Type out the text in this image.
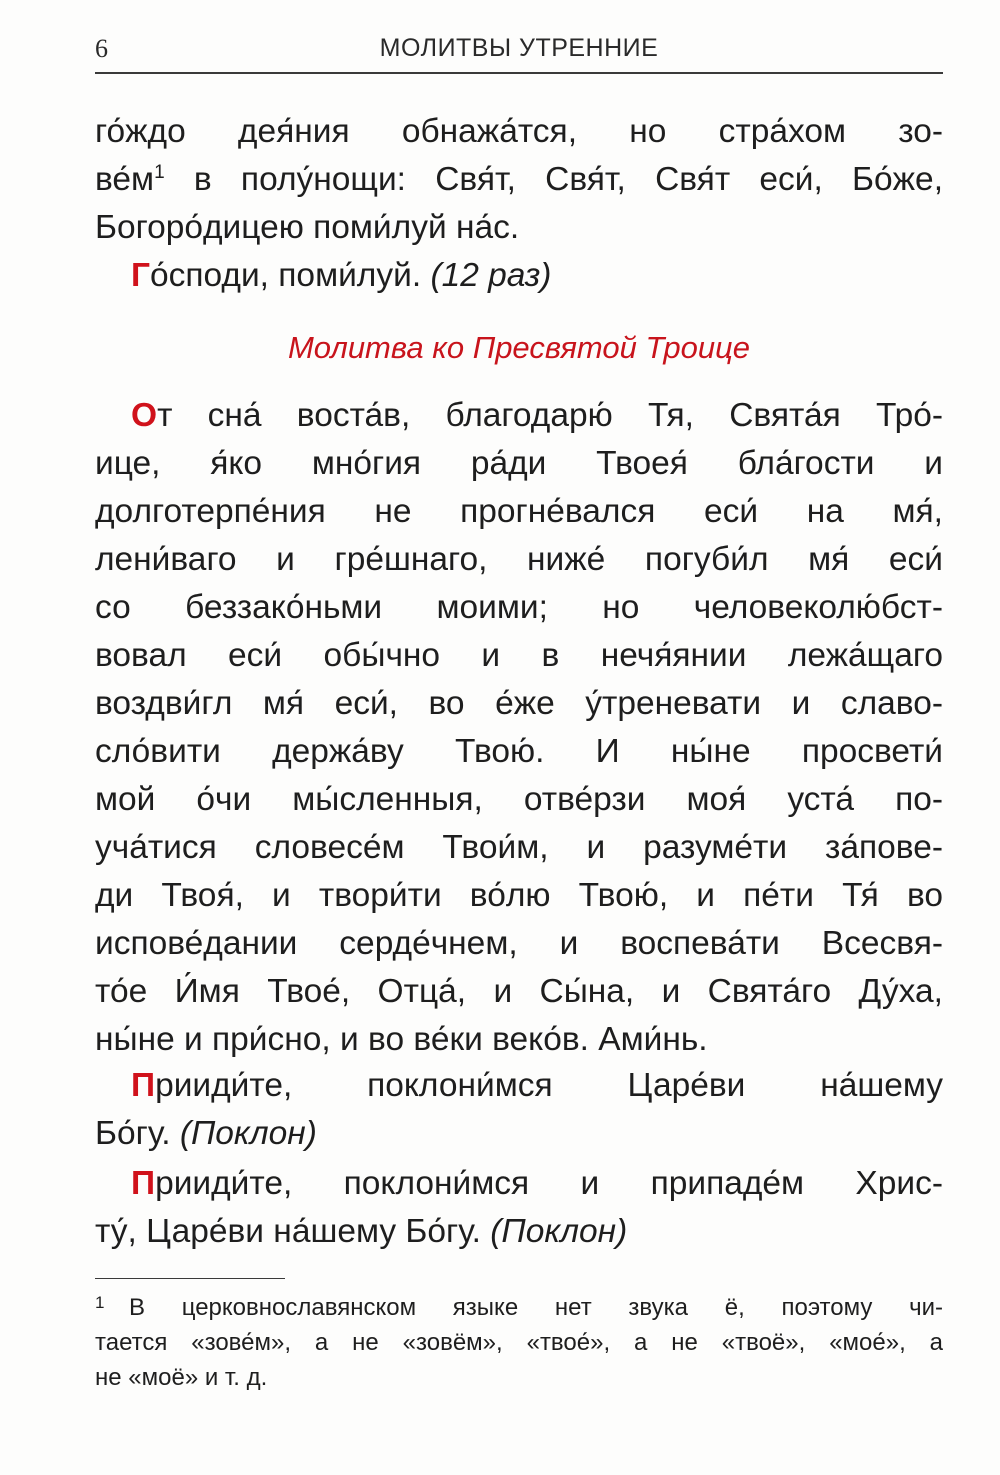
6	МОЛИТВЫ УТРЕННИЕ
го́ждо дея́ния обнажа́тся, но стра́хом зо-
ве́м$^1$ в полу́нощи: Свя́т, Свя́т, Свя́т еси́, Бо́же,
Богоро́дицею поми́луй на́с.
Го́споди, поми́луй. (12 раз)
Молитва ко Пресвятой Троице
От сна́ воста́в, благодарю́ Тя, Свята́я Тро́-
ице, я́ко мно́гия ра́ди Твоея́ бла́гости и
долготерпе́ния не прогне́вался еси́ на мя́,
лени́ваго и гре́шнаго, ниже́ погуби́л мя́ еси́
со беззако́ньми моими; но человеколю́бст-
вовал еси́ обы́чно и в нечя́янии лежа́щаго
воздви́гл мя́ еси́, во е́же у́треневати и славо-
сло́вити держа́ву Твою́. И ны́не просвети́
мой о́чи мы́сленныя, отве́рзи моя́ уста́ по-
уча́тися словесе́м Твои́м, и разуме́ти за́пове-
ди Твоя́, и твори́ти во́лю Твою́, и пе́ти Тя́ во
испове́дании серде́чнем, и воспева́ти Всесвя-
то́е И́мя Твое́, Отца́, и Сы́на, и Свята́го Ду́ха,
ны́не и при́сно, и во ве́ки веко́в. Ами́нь.
Прииди́те, поклони́мся Царе́ви на́шему
Бо́гу. (Поклон)
Прииди́те, поклони́мся и припаде́м Хрис-
ту́, Царе́ви на́шему Бо́гу. (Поклон)
1 В церковнославянском языке нет звука ё, поэтому чи-
тается «зове́м», а не «зовём», «твое́», а не «твоё», «мое́», а
не «моё» и т. д.
